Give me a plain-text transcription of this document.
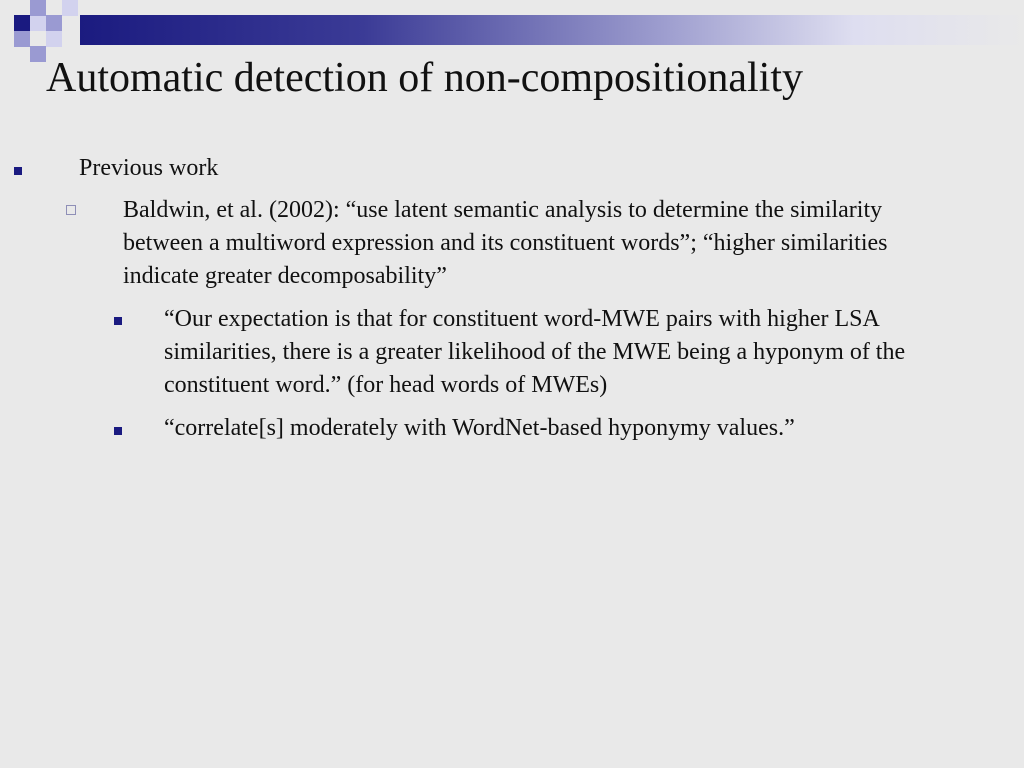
Automatic detection of non-compositionality
Previous work
Baldwin, et al. (2002): “use latent semantic analysis to determine the similarity between a multiword expression and its constituent words”; “higher similarities indicate greater decomposability”
“Our expectation is that for constituent word-MWE pairs with higher LSA similarities, there is a greater likelihood of the MWE being a hyponym of the constituent word.” (for head words of MWEs)
“correlate[s] moderately with WordNet-based hyponymy values.”
